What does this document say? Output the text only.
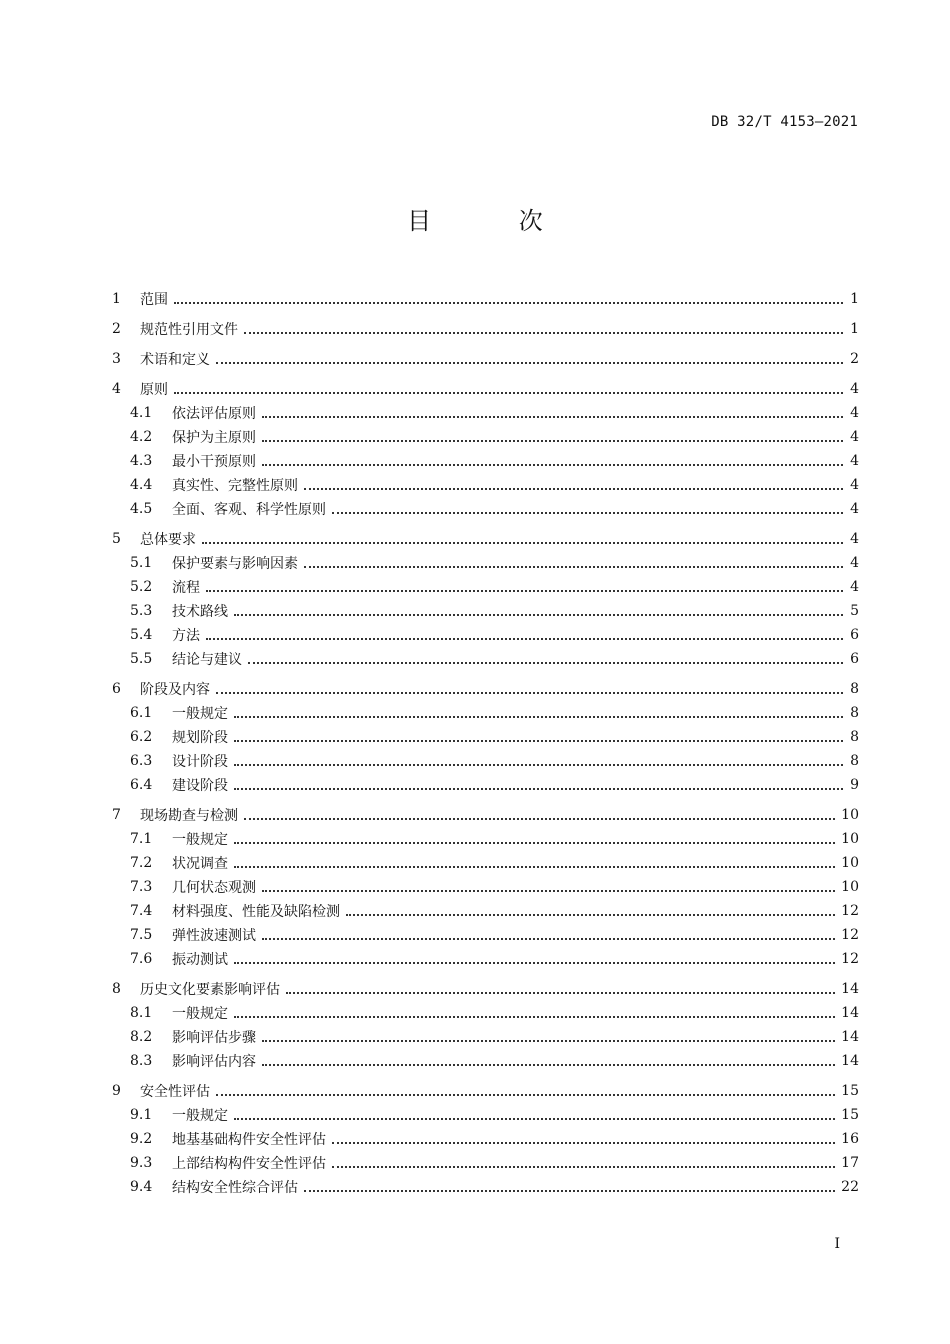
DB 32/T 4153—2021
目 次
1	范围	1
2	规范性引用文件	1
3	术语和定义	2
4	原则	4
4.1	依法评估原则	4
4.2	保护为主原则	4
4.3	最小干预原则	4
4.4	真实性、完整性原则	4
4.5	全面、客观、科学性原则	4
5	总体要求	4
5.1	保护要素与影响因素	4
5.2	流程	4
5.3	技术路线	5
5.4	方法	6
5.5	结论与建议	6
6	阶段及内容	8
6.1	一般规定	8
6.2	规划阶段	8
6.3	设计阶段	8
6.4	建设阶段	9
7	现场勘查与检测	10
7.1	一般规定	10
7.2	状况调查	10
7.3	几何状态观测	10
7.4	材料强度、性能及缺陷检测	12
7.5	弹性波速测试	12
7.6	振动测试	12
8	历史文化要素影响评估	14
8.1	一般规定	14
8.2	影响评估步骤	14
8.3	影响评估内容	14
9	安全性评估	15
9.1	一般规定	15
9.2	地基基础构件安全性评估	16
9.3	上部结构构件安全性评估	17
9.4	结构安全性综合评估	22
I
